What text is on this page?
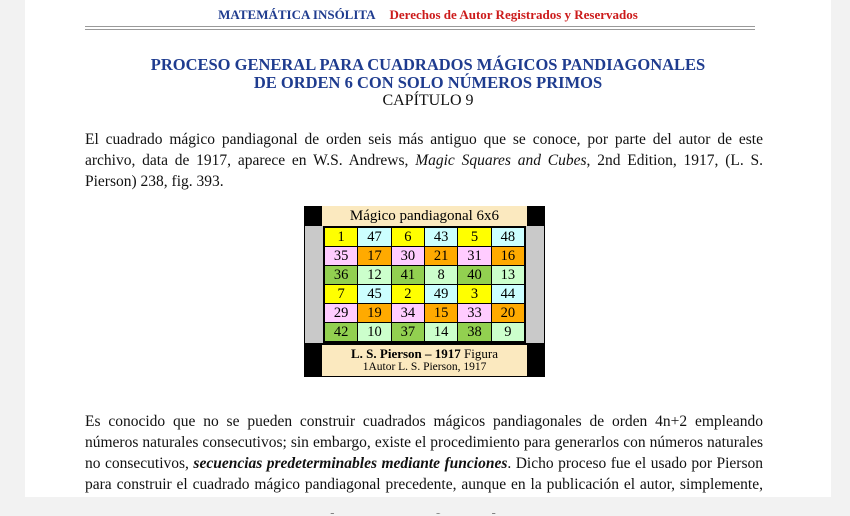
MATEMÁTICA INSÓLITA Derechos de Autor Registrados y Reservados
PROCESO GENERAL PARA CUADRADOS MÁGICOS PANDIAGONALES
DE ORDEN 6 CON SOLO NÚMEROS PRIMOS
CAPÍTULO 9
El cuadrado mágico pandiagonal de orden seis más antiguo que se conoce, por parte del autor de este archivo, data de 1917, aparece en W.S. Andrews, Magic Squares and Cubes, 2nd Edition, 1917, (L. S. Pierson) 238, fig. 393.
Mágico pandiagonal 6x6
1	47	6	43	5	48
35	17	30	21	31	16
36	12	41	8	40	13
7	45	2	49	3	44
29	19	34	15	33	20
42	10	37	14	38	9
L. S. Pierson – 1917 Figura
1Autor L. S. Pierson, 1917
Es conocido que no se pueden construir cuadrados mágicos pandiagonales de orden 4n+2 empleando números naturales consecutivos; sin embargo, existe el procedimiento para generarlos con números naturales no consecutivos, secuencias predeterminables mediante funciones. Dicho proceso fue el usado por Pierson para construir el cuadrado mágico pandiagonal precedente, aunque en la publicación el autor, simplemente,
